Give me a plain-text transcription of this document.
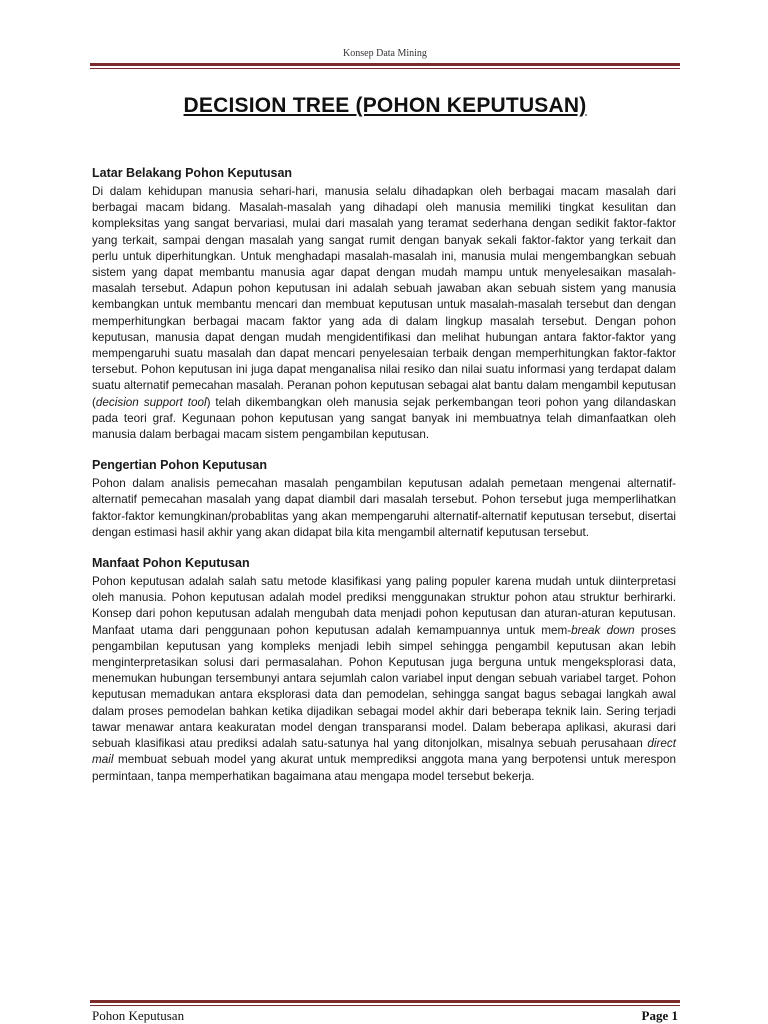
Konsep Data Mining
DECISION TREE (POHON KEPUTUSAN)
Latar Belakang Pohon Keputusan

Di dalam kehidupan manusia sehari-hari, manusia selalu dihadapkan oleh berbagai macam masalah dari berbagai macam bidang. Masalah-masalah yang dihadapi oleh manusia memiliki tingkat kesulitan dan kompleksitas yang sangat bervariasi, mulai dari masalah yang teramat sederhana dengan sedikit faktor-faktor yang terkait, sampai dengan masalah yang sangat rumit dengan banyak sekali faktor-faktor yang terkait dan perlu untuk diperhitungkan. Untuk menghadapi masalah-masalah ini, manusia mulai mengembangkan sebuah sistem yang dapat membantu manusia agar dapat dengan mudah mampu untuk menyelesaikan masalah-masalah tersebut. Adapun pohon keputusan ini adalah sebuah jawaban akan sebuah sistem yang manusia kembangkan untuk membantu mencari dan membuat keputusan untuk masalah-masalah tersebut dan dengan memperhitungkan berbagai macam faktor yang ada di dalam lingkup masalah tersebut. Dengan pohon keputusan, manusia dapat dengan mudah mengidentifikasi dan melihat hubungan antara faktor-faktor yang mempengaruhi suatu masalah dan dapat mencari penyelesaian terbaik dengan memperhitungkan faktor-faktor tersebut. Pohon keputusan ini juga dapat menganalisa nilai resiko dan nilai suatu informasi yang terdapat dalam suatu alternatif pemecahan masalah. Peranan pohon keputusan sebagai alat bantu dalam mengambil keputusan (decision support tool) telah dikembangkan oleh manusia sejak perkembangan teori pohon yang dilandaskan pada teori graf. Kegunaan pohon keputusan yang sangat banyak ini membuatnya telah dimanfaatkan oleh manusia dalam berbagai macam sistem pengambilan keputusan.

Pengertian Pohon Keputusan

Pohon dalam analisis pemecahan masalah pengambilan keputusan adalah pemetaan mengenai alternatif-alternatif pemecahan masalah yang dapat diambil dari masalah tersebut. Pohon tersebut juga memperlihatkan faktor-faktor kemungkinan/probablitas yang akan mempengaruhi alternatif-alternatif keputusan tersebut, disertai dengan estimasi hasil akhir yang akan didapat bila kita mengambil alternatif keputusan tersebut.

Manfaat Pohon Keputusan

Pohon keputusan adalah salah satu metode klasifikasi yang paling populer karena mudah untuk diinterpretasi oleh manusia. Pohon keputusan adalah model prediksi menggunakan struktur pohon atau struktur berhirarki. Konsep dari pohon keputusan adalah mengubah data menjadi pohon keputusan dan aturan-aturan keputusan. Manfaat utama dari penggunaan pohon keputusan adalah kemampuannya untuk mem-break down proses pengambilan keputusan yang kompleks menjadi lebih simpel sehingga pengambil keputusan akan lebih menginterpretasikan solusi dari permasalahan. Pohon Keputusan juga berguna untuk mengeksplorasi data, menemukan hubungan tersembunyi antara sejumlah calon variabel input dengan sebuah variabel target. Pohon keputusan memadukan antara eksplorasi data dan pemodelan, sehingga sangat bagus sebagai langkah awal dalam proses pemodelan bahkan ketika dijadikan sebagai model akhir dari beberapa teknik lain. Sering terjadi tawar menawar antara keakuratan model dengan transparansi model. Dalam beberapa aplikasi, akurasi dari sebuah klasifikasi atau prediksi adalah satu-satunya hal yang ditonjolkan, misalnya sebuah perusahaan direct mail membuat sebuah model yang akurat untuk memprediksi anggota mana yang berpotensi untuk merespon permintaan, tanpa memperhatikan bagaimana atau mengapa model tersebut bekerja.

Pohon Keputusan	Page 1
